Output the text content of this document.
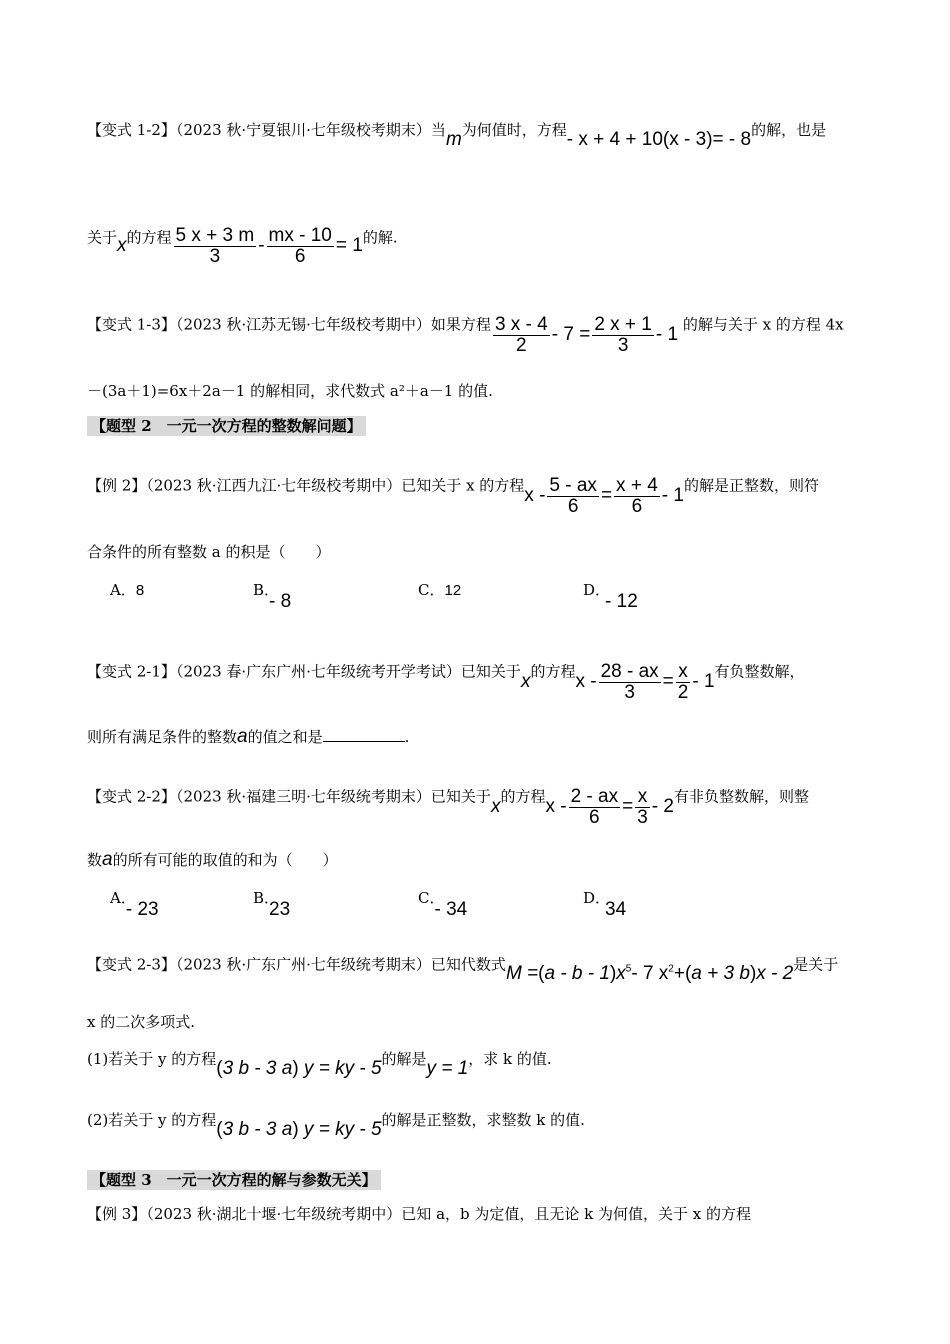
【变式 1-2】（2023 秋·宁夏银川·七年级校考期末）当m为何值时，方程- x + 4 + 10(x - 3)= - 8的解，也是
关于x的方程 $\frac{5 x + 3 m}{3} - \frac{mx - 10}{6} = 1$的解.
【变式 1-3】（2023 秋·江苏无锡·七年级校考期中）如果方程 $\frac{3 x - 4}{2} - 7 = \frac{2 x + 1}{3} - 1$ 的解与关于 x 的方程 4x
－(3a＋1)=6x＋2a－1 的解相同，求代数式 a²＋a－1 的值.
【题型 2　一元一次方程的整数解问题】
【例 2】（2023 秋·江西九江·七年级校考期中）已知关于 x 的方程$x - \frac{5 - ax}{6} = \frac{x + 4}{6} - 1$的解是正整数，则符
合条件的所有整数 a 的积是（　　）
A．8	B．- 8
C．12	D．- 12
【变式 2-1】（2023 春·广东广州·七年级统考开学考试）已知关于x的方程$x - \frac{28 - ax}{3} = \frac{x}{2} - 1$有负整数解，
则所有满足条件的整数a的值之和是	.
【变式 2-2】（2023 秋·福建三明·七年级统考期末）已知关于x的方程$x - \frac{2 - ax}{6} = \frac{x}{3} - 2$有非负整数解，则整
数a的所有可能的取值的和为（　　）
A．- 23
B．23
C．- 34
D．34
【变式 2-3】（2023 秋·广东广州·七年级统考期末）已知代数式$M =(a - b - 1)x^5-$ 7 $x^2+(a + 3$ b)x - 2是关于
x 的二次多项式.
(1)若关于 y 的方程(3 b - 3 a) y = ky - 5的解是y = 1，求 k 的值.
(2)若关于 y 的方程(3 b - 3 a) y = ky - 5的解是正整数，求整数 k 的值.
【题型 3　一元一次方程的解与参数无关】
【例 3】（2023 秋·湖北十堰·七年级统考期中）已知 a，b 为定值，且无论 k 为何值，关于 x 的方程
